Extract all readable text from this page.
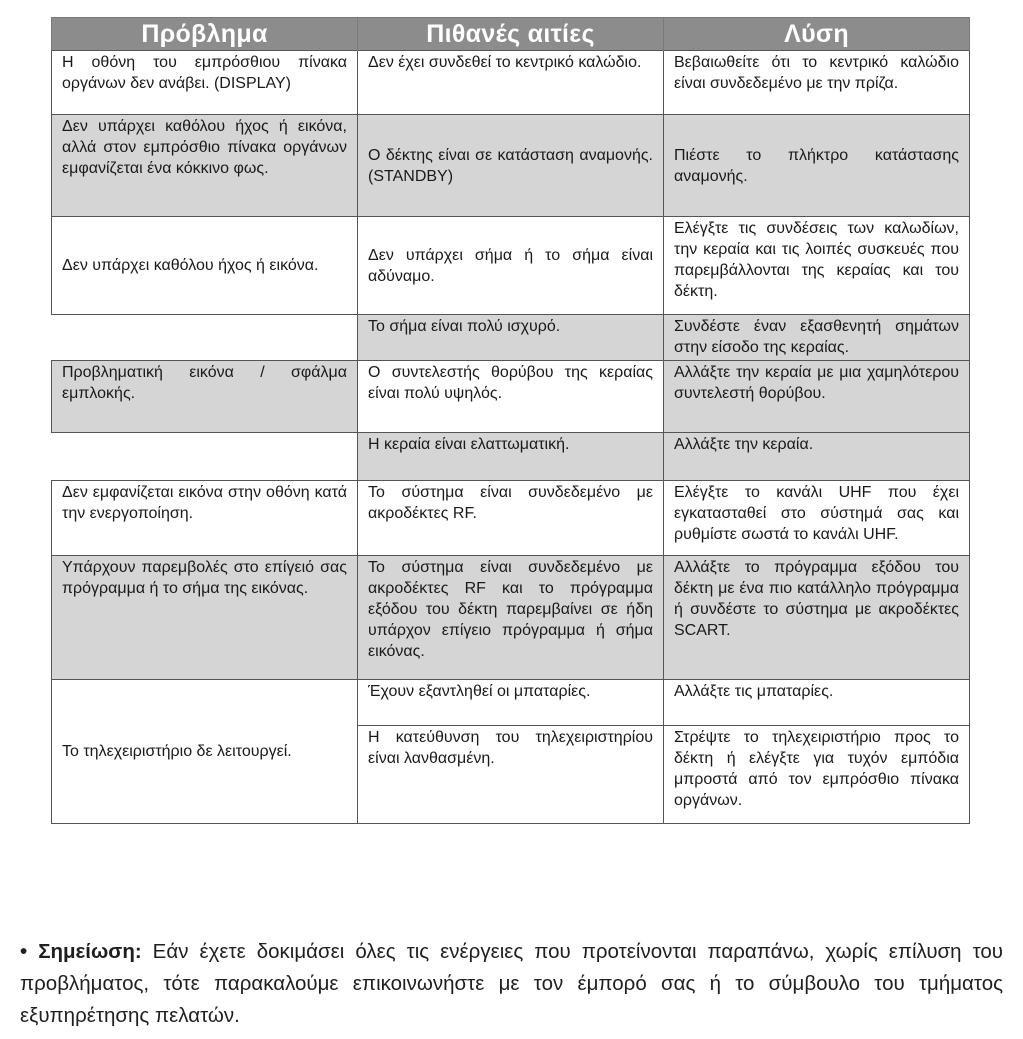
Πρόβλημα	Πιθανές αιτίες	Λύση
Η οθόνη του εμπρόσθιου πίνακα οργάνων δεν ανάβει. (DISPLAY)	Δεν έχει συνδεθεί το κεντρικό καλώδιο.	Βεβαιωθείτε ότι το κεντρικό καλώδιο είναι συνδεδεμένο με την πρίζα.
Δεν υπάρχει καθόλου ήχος ή εικόνα, αλλά στον εμπρόσθιο πίνακα οργάνων εμφανίζεται ένα κόκκινο φως.	Ο δέκτης είναι σε κατάσταση αναμονής. (STANDBY)	Πιέστε το πλήκτρο κατάστασης αναμονής.
Δεν υπάρχει καθόλου ήχος ή εικόνα.	Δεν υπάρχει σήμα ή το σήμα είναι αδύναμο.	Ελέγξτε τις συνδέσεις των καλωδίων, την κεραία και τις λοιπές συσκευές που παρεμβάλλονται της κεραίας και του δέκτη.
	Το σήμα είναι πολύ ισχυρό.	Συνδέστε έναν εξασθενητή σημάτων στην είσοδο της κεραίας.
Προβληματική εικόνα / σφάλμα εμπλοκής.	Ο συντελεστής θορύβου της κεραίας είναι πολύ υψηλός.	Αλλάξτε την κεραία με μια χαμηλότερου συντελεστή θορύβου.
	Η κεραία είναι ελαττωματική.	Αλλάξτε την κεραία.
Δεν εμφανίζεται εικόνα στην οθόνη κατά την ενεργοποίηση.	Το σύστημα είναι συνδεδεμένο με ακροδέκτες RF.	Ελέγξτε το κανάλι UHF που έχει εγκατασταθεί στο σύστημά σας και ρυθμίστε σωστά το κανάλι UHF.
Υπάρχουν παρεμβολές στο επίγειό σας πρόγραμμα ή το σήμα της εικόνας.	Το σύστημα είναι συνδεδεμένο με ακροδέκτες RF και το πρόγραμμα εξόδου του δέκτη παρεμβαίνει σε ήδη υπάρχον επίγειο πρόγραμμα ή σήμα εικόνας.	Αλλάξτε το πρόγραμμα εξόδου του δέκτη με ένα πιο κατάλληλο πρόγραμμα ή συνδέστε το σύστημα με ακροδέκτες SCART.
Το τηλεχειριστήριο δε λειτουργεί.	Έχουν εξαντληθεί οι μπαταρίες.	Αλλάξτε τις μπαταρίες.
	Η κατεύθυνση του τηλεχειριστηρίου είναι λανθασμένη.	Στρέψτε το τηλεχειριστήριο προς το δέκτη ή ελέγξτε για τυχόν εμπόδια μπροστά από τον εμπρόσθιο πίνακα οργάνων.
• Σημείωση: Εάν έχετε δοκιμάσει όλες τις ενέργειες που προτείνονται παραπάνω, χωρίς επίλυση του προβλήματος, τότε παρακαλούμε επικοινωνήστε με τον έμπορό σας ή το σύμβουλο του τμήματος εξυπηρέτησης πελατών.
